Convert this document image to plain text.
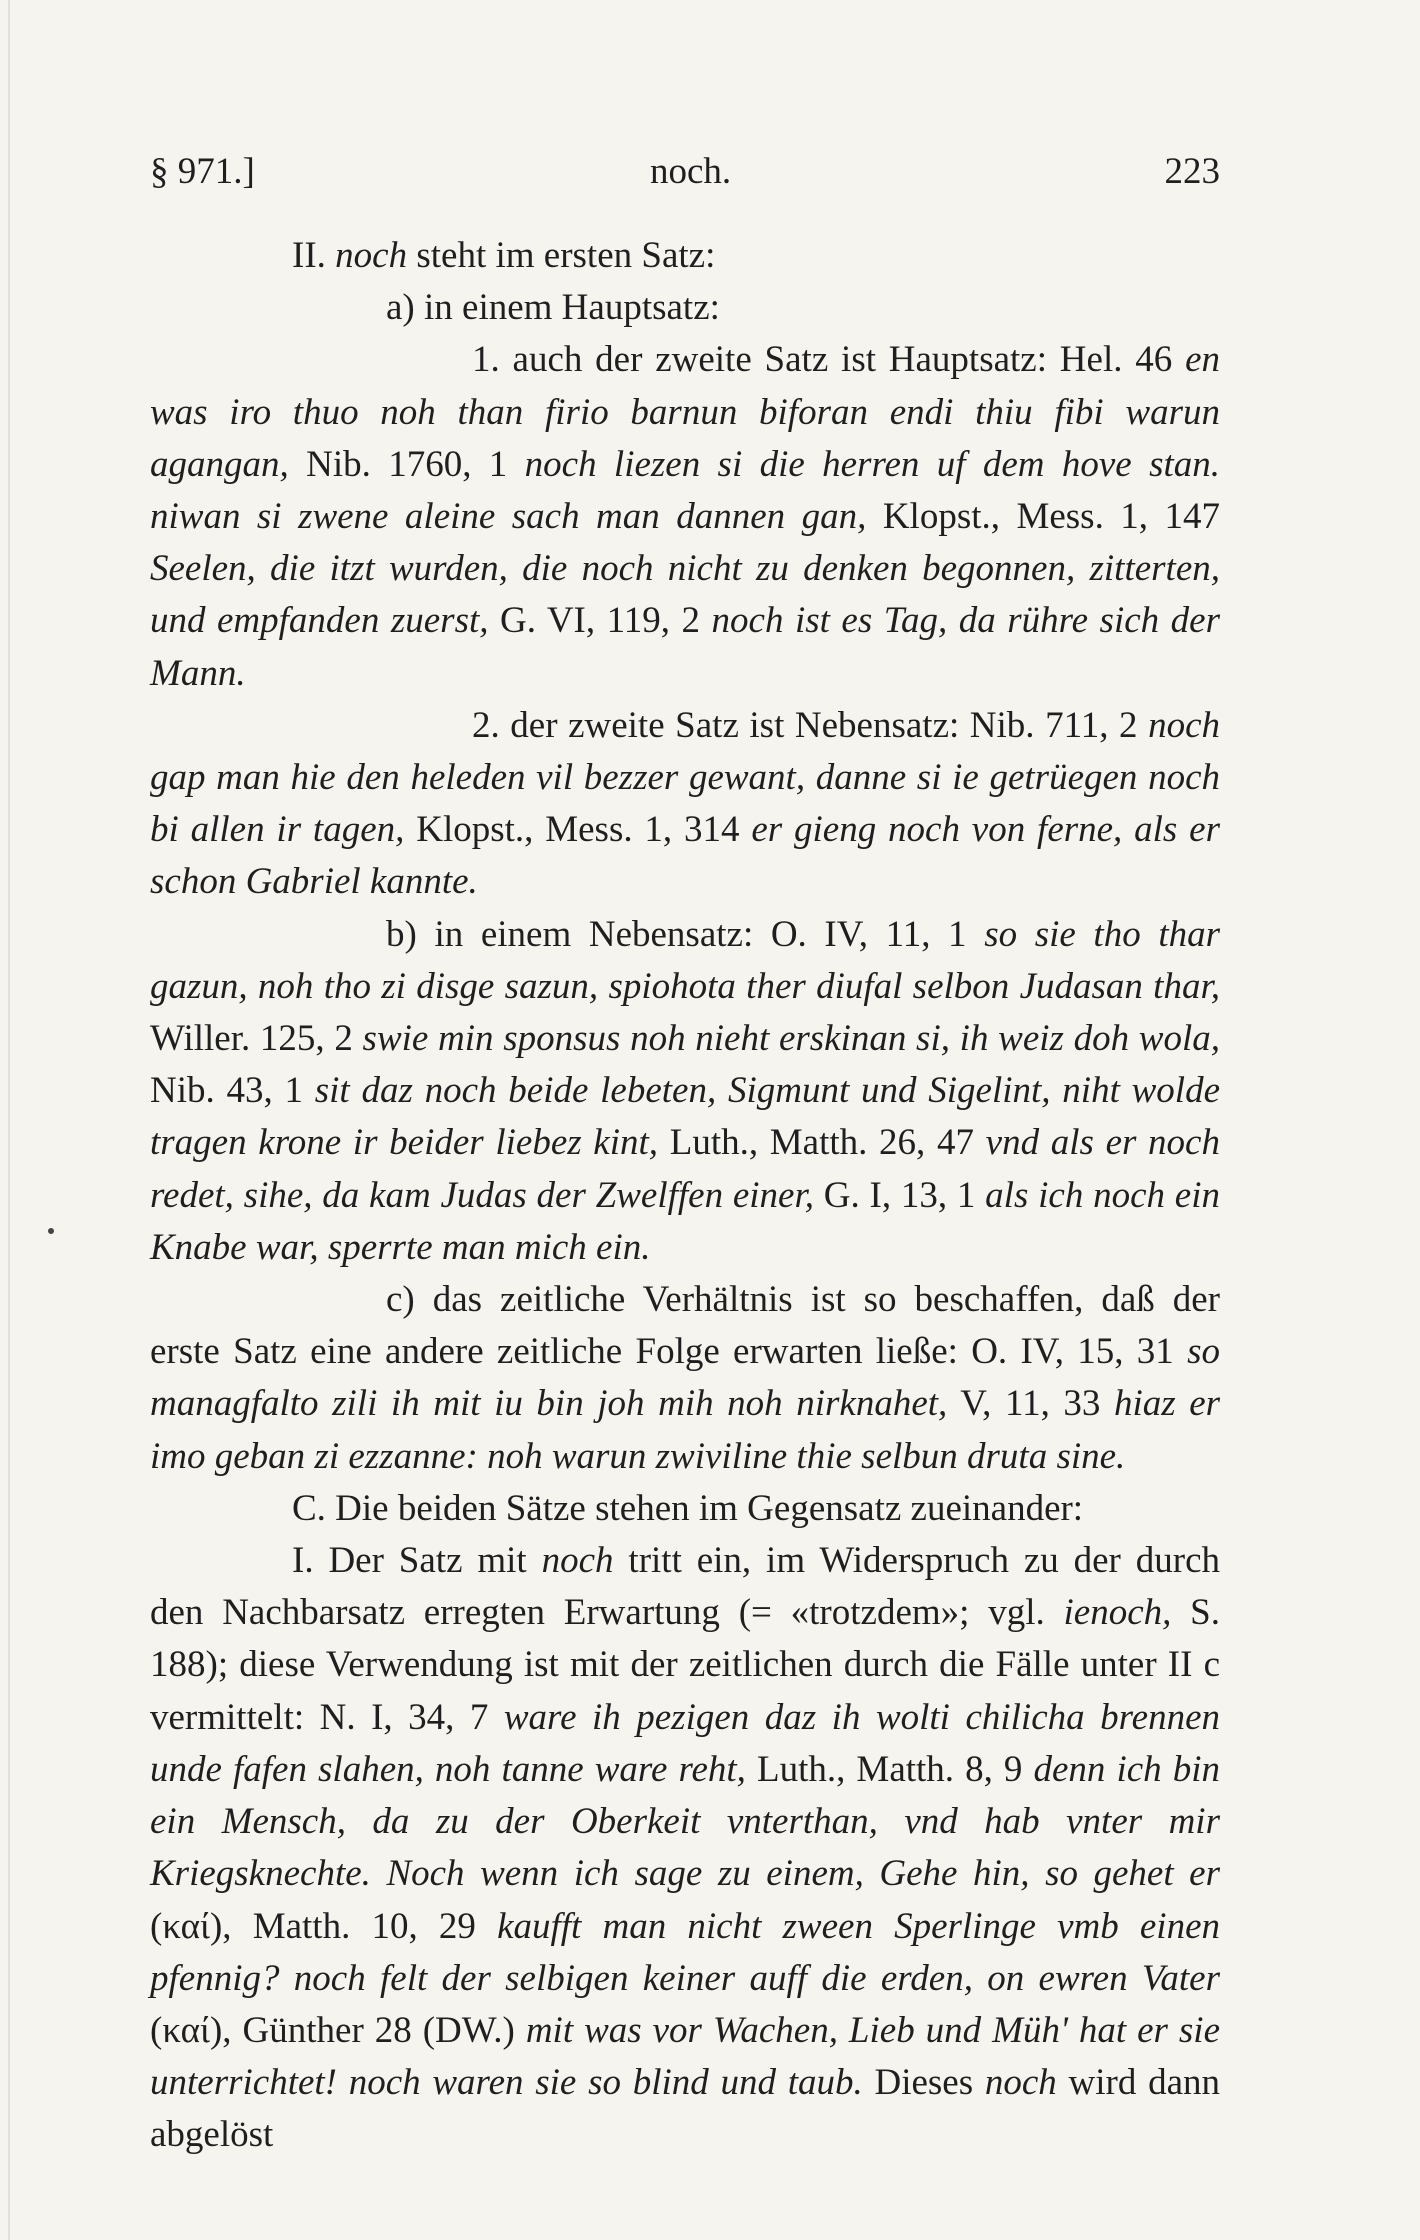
§ 971.]	noch.	223

II. noch steht im ersten Satz:

a) in einem Hauptsatz:

1. auch der zweite Satz ist Hauptsatz: Hel. 46 en was iro thuo noh than firio barnun biforan endi thiu fibi warun agangan, Nib. 1760, 1 noch liezen si die herren uf dem hove stan. niwan si zwene aleine sach man dannen gan, Klopst., Mess. 1, 147 Seelen, die itzt wurden, die noch nicht zu denken begonnen, zitterten, und empfanden zuerst, G. VI, 119, 2 noch ist es Tag, da rühre sich der Mann.

2. der zweite Satz ist Nebensatz: Nib. 711, 2 noch gap man hie den heleden vil bezzer gewant, danne si ie getrüegen noch bi allen ir tagen, Klopst., Mess. 1, 314 er gieng noch von ferne, als er schon Gabriel kannte.

b) in einem Nebensatz: O. IV, 11, 1 so sie tho thar gazun, noh tho zi disge sazun, spiohota ther diufal selbon Judasan thar, Willer. 125, 2 swie min sponsus noh nieht erskinan si, ih weiz doh wola, Nib. 43, 1 sit daz noch beide lebeten, Sigmunt und Sigelint, niht wolde tragen krone ir beider liebez kint, Luth., Matth. 26, 47 vnd als er noch redet, sihe, da kam Judas der Zwelffen einer, G. I, 13, 1 als ich noch ein Knabe war, sperrte man mich ein.

c) das zeitliche Verhältnis ist so beschaffen, daß der erste Satz eine andere zeitliche Folge erwarten ließe: O. IV, 15, 31 so managfalto zili ih mit iu bin joh mih noh nirknahet, V, 11, 33 hiaz er imo geban zi ezzanne: noh warun zwiviline thie selbun druta sine.

C. Die beiden Sätze stehen im Gegensatz zueinander:

I. Der Satz mit noch tritt ein, im Widerspruch zu der durch den Nachbarsatz erregten Erwartung (= «trotzdem»; vgl. ienoch, S. 188); diese Verwendung ist mit der zeitlichen durch die Fälle unter II c vermittelt: N. I, 34, 7 ware ih pezigen daz ih wolti chilicha brennen unde fafen slahen, noh tanne ware reht, Luth., Matth. 8, 9 denn ich bin ein Mensch, da zu der Oberkeit vnterthan, vnd hab vnter mir Kriegsknechte. Noch wenn ich sage zu einem, Gehe hin, so gehet er (καί), Matth. 10, 29 kaufft man nicht zween Sperlinge vmb einen pfennig? noch felt der selbigen keiner auff die erden, on ewren Vater (καί), Günther 28 (DW.) mit was vor Wachen, Lieb und Müh' hat er sie unterrichtet! noch waren sie so blind und taub. Dieses noch wird dann abgelöst
